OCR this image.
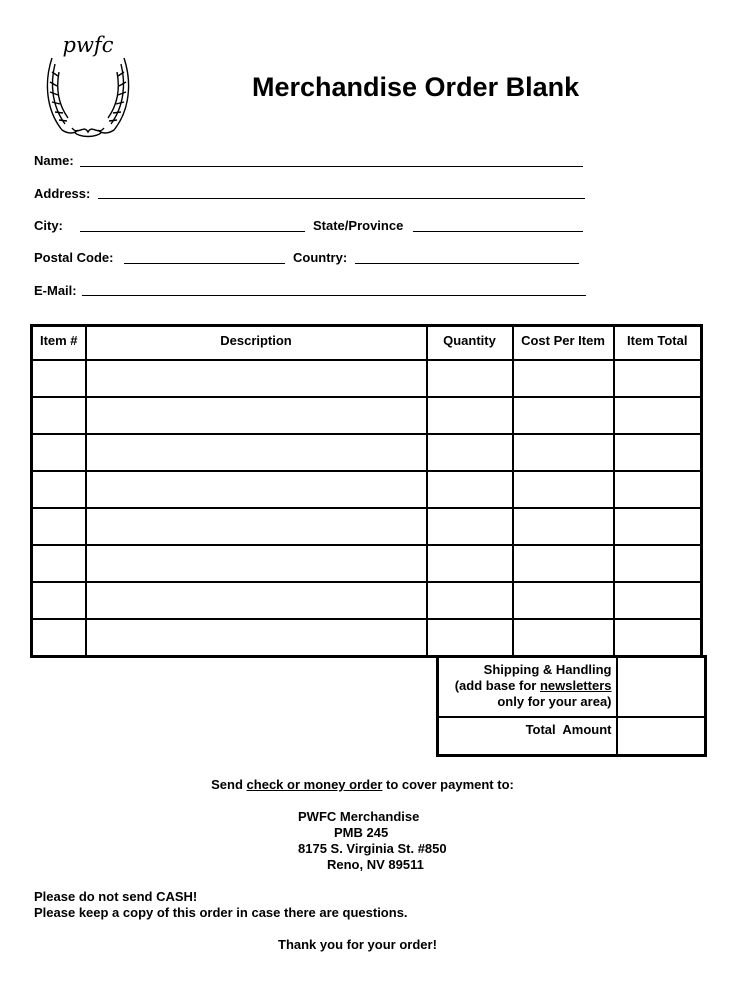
pwfc
Merchandise Order Blank
Name:
Address:
City:	State/Province
Postal Code:	Country:
E-Mail:
Item #	Description	Quantity	Cost Per Item	Item Total

Shipping & Handling
(add base for newsletters
only for your area)	
Total  Amount	
Send check or money order to cover payment to:
PWFC Merchandise
PMB 245
8175 S. Virginia St. #850
Reno, NV 89511
Please do not send CASH!
Please keep a copy of this order in case there are questions.
Thank you for your order!
